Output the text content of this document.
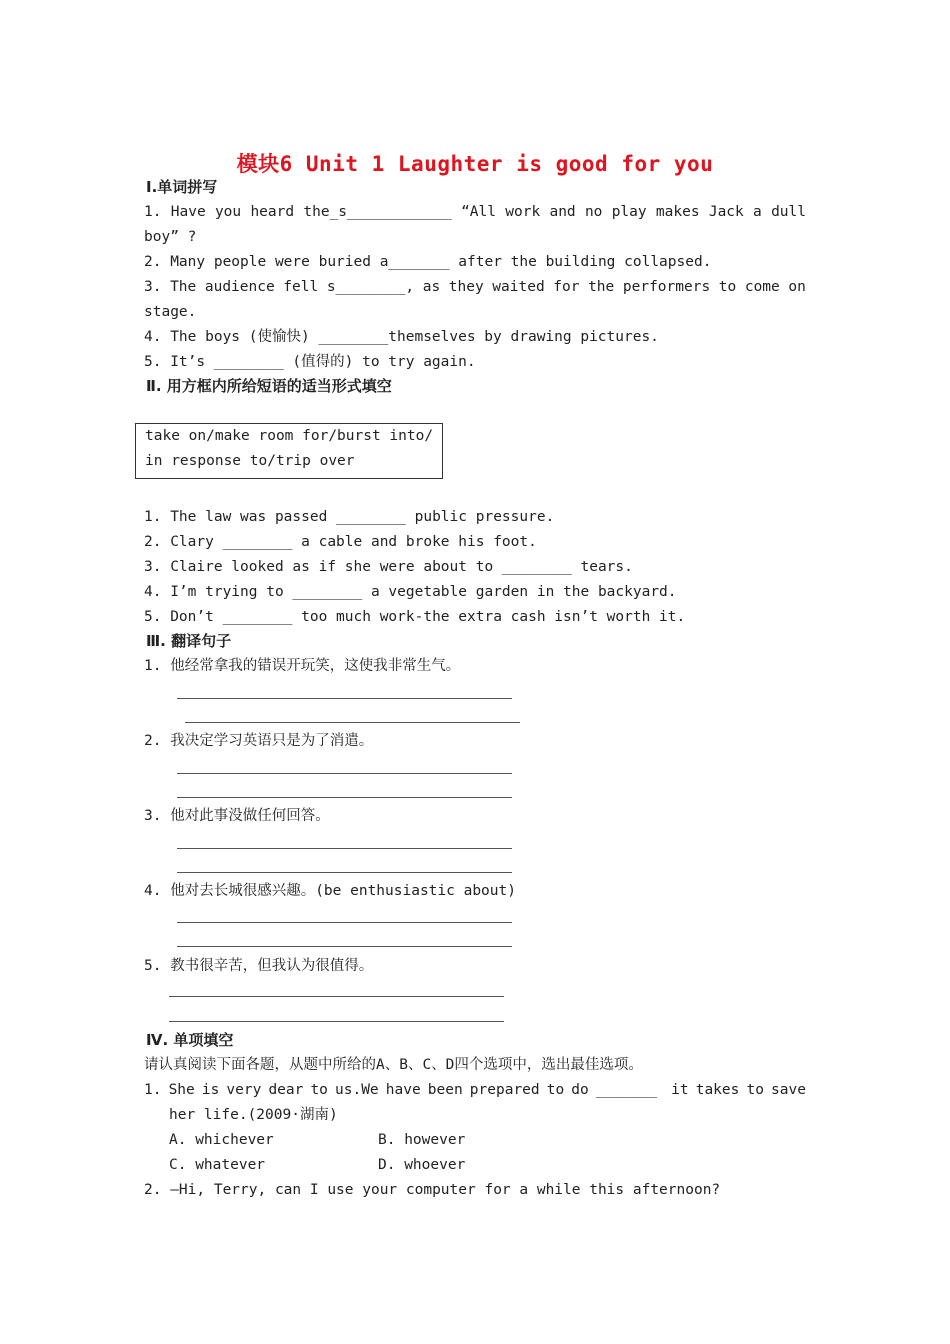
模块6 Unit 1 Laughter is good for you
Ⅰ.单词拼写
1. Have you heard the_s____________ “All work and no play makes Jack a dull
boy” ?
2. Many people were buried a_______ after the building collapsed.
3. The audience fell s________, as they waited for the performers to come on
stage.
4. The boys (使愉快) ________themselves by drawing pictures.
5. It’s ________ (值得的) to try again.
Ⅱ. 用方框内所给短语的适当形式填空
take on/make room for/burst into/
in response to/trip over
1. The law was passed ________ public pressure.
2. Clary ________ a cable and broke his foot.
3. Claire looked as if she were about to ________ tears.
4. I’m trying to ________ a vegetable garden in the backyard.
5. Don’t ________ too much work-the extra cash isn’t worth it.
Ⅲ. 翻译句子
1. 他经常拿我的错误开玩笑，这使我非常生气。
2. 我决定学习英语只是为了消遣。
3. 他对此事没做任何回答。
4. 他对去长城很感兴趣。(be enthusiastic about)
5. 教书很辛苦，但我认为很值得。
Ⅳ. 单项填空
请认真阅读下面各题，从题中所给的A、B、C、D四个选项中，选出最佳选项。
1. She is very dear to us.We have been prepared to do _______ it takes to save
her life.(2009·湖南)
A. whichever	B. however
C. whatever	D. whoever
2. —Hi, Terry, can I use your computer for a while this afternoon?
